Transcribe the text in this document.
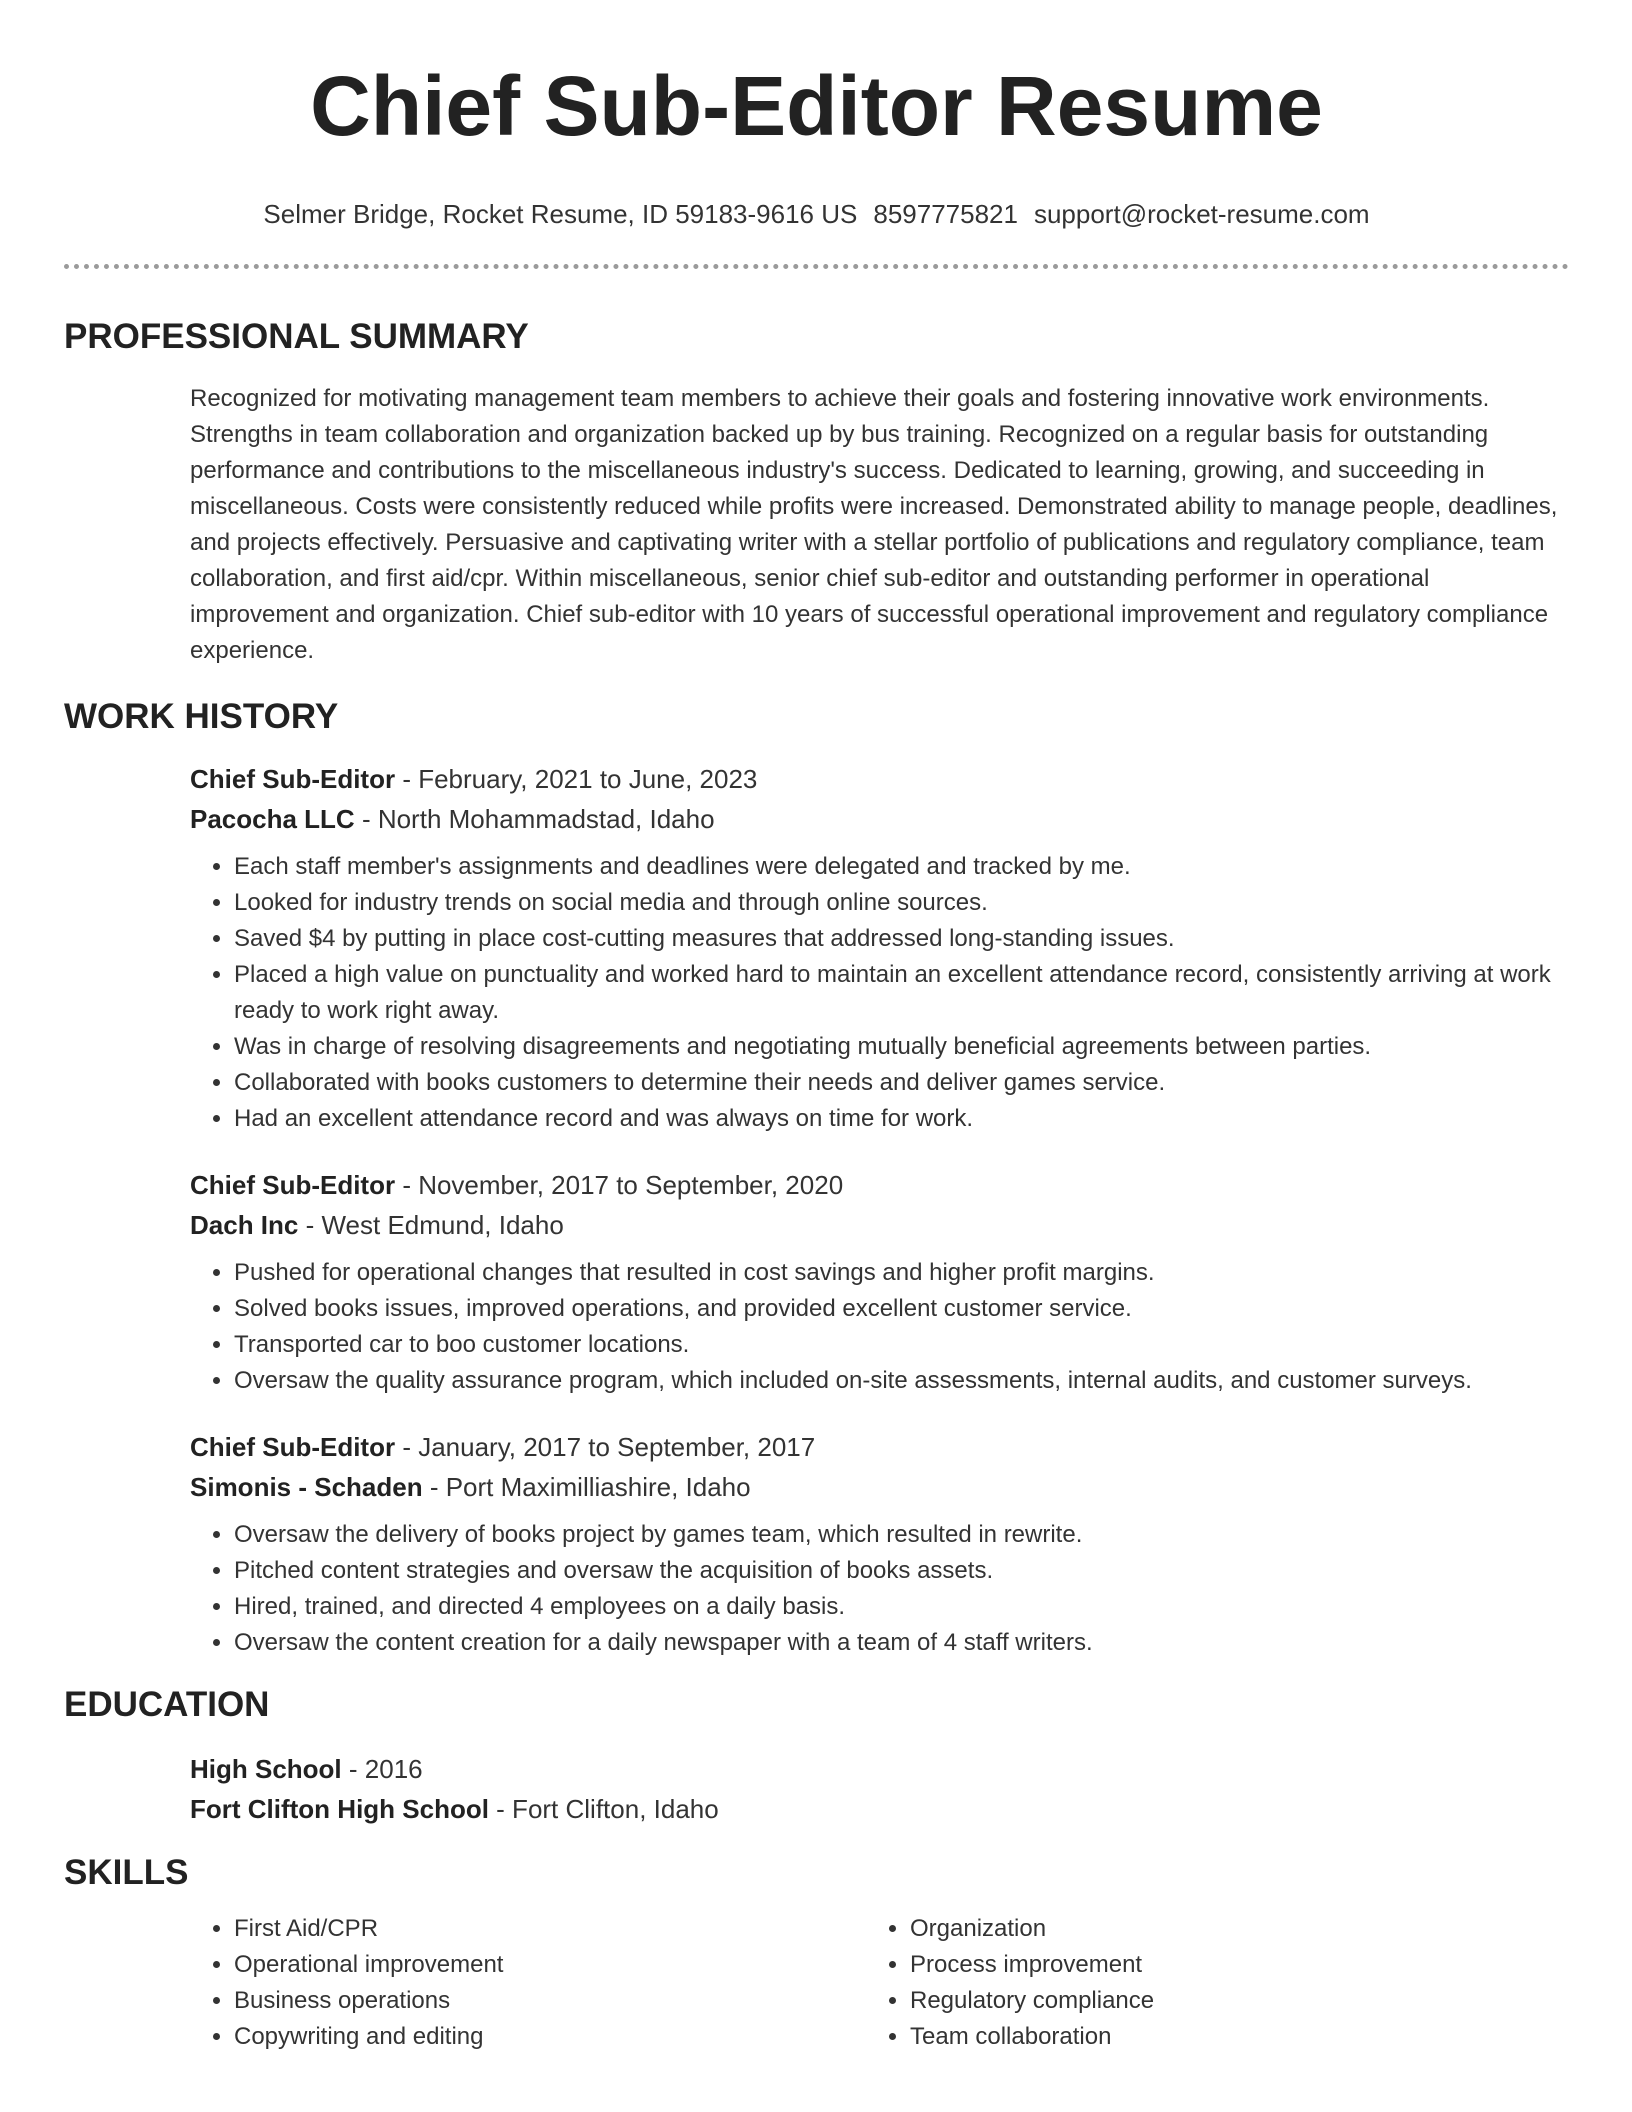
Chief Sub-Editor Resume
Selmer Bridge, Rocket Resume, ID 59183-9616 US 8597775821 support@rocket-resume.com
PROFESSIONAL SUMMARY
Recognized for motivating management team members to achieve their goals and fostering innovative work environments. Strengths in team collaboration and organization backed up by bus training. Recognized on a regular basis for outstanding performance and contributions to the miscellaneous industry's success. Dedicated to learning, growing, and succeeding in miscellaneous. Costs were consistently reduced while profits were increased. Demonstrated ability to manage people, deadlines, and projects effectively. Persuasive and captivating writer with a stellar portfolio of publications and regulatory compliance, team collaboration, and first aid/cpr. Within miscellaneous, senior chief sub-editor and outstanding performer in operational improvement and organization. Chief sub-editor with 10 years of successful operational improvement and regulatory compliance experience.
WORK HISTORY
Chief Sub-Editor - February, 2021 to June, 2023
Pacocha LLC - North Mohammadstad, Idaho
• Each staff member's assignments and deadlines were delegated and tracked by me.
• Looked for industry trends on social media and through online sources.
• Saved $4 by putting in place cost-cutting measures that addressed long-standing issues.
• Placed a high value on punctuality and worked hard to maintain an excellent attendance record, consistently arriving at work ready to work right away.
• Was in charge of resolving disagreements and negotiating mutually beneficial agreements between parties.
• Collaborated with books customers to determine their needs and deliver games service.
• Had an excellent attendance record and was always on time for work.
Chief Sub-Editor - November, 2017 to September, 2020
Dach Inc - West Edmund, Idaho
• Pushed for operational changes that resulted in cost savings and higher profit margins.
• Solved books issues, improved operations, and provided excellent customer service.
• Transported car to boo customer locations.
• Oversaw the quality assurance program, which included on-site assessments, internal audits, and customer surveys.
Chief Sub-Editor - January, 2017 to September, 2017
Simonis - Schaden - Port Maximilliashire, Idaho
• Oversaw the delivery of books project by games team, which resulted in rewrite.
• Pitched content strategies and oversaw the acquisition of books assets.
• Hired, trained, and directed 4 employees on a daily basis.
• Oversaw the content creation for a daily newspaper with a team of 4 staff writers.
EDUCATION
High School - 2016
Fort Clifton High School - Fort Clifton, Idaho
SKILLS
• First Aid/CPR
• Operational improvement
• Business operations
• Copywriting and editing
• Organization
• Process improvement
• Regulatory compliance
• Team collaboration
